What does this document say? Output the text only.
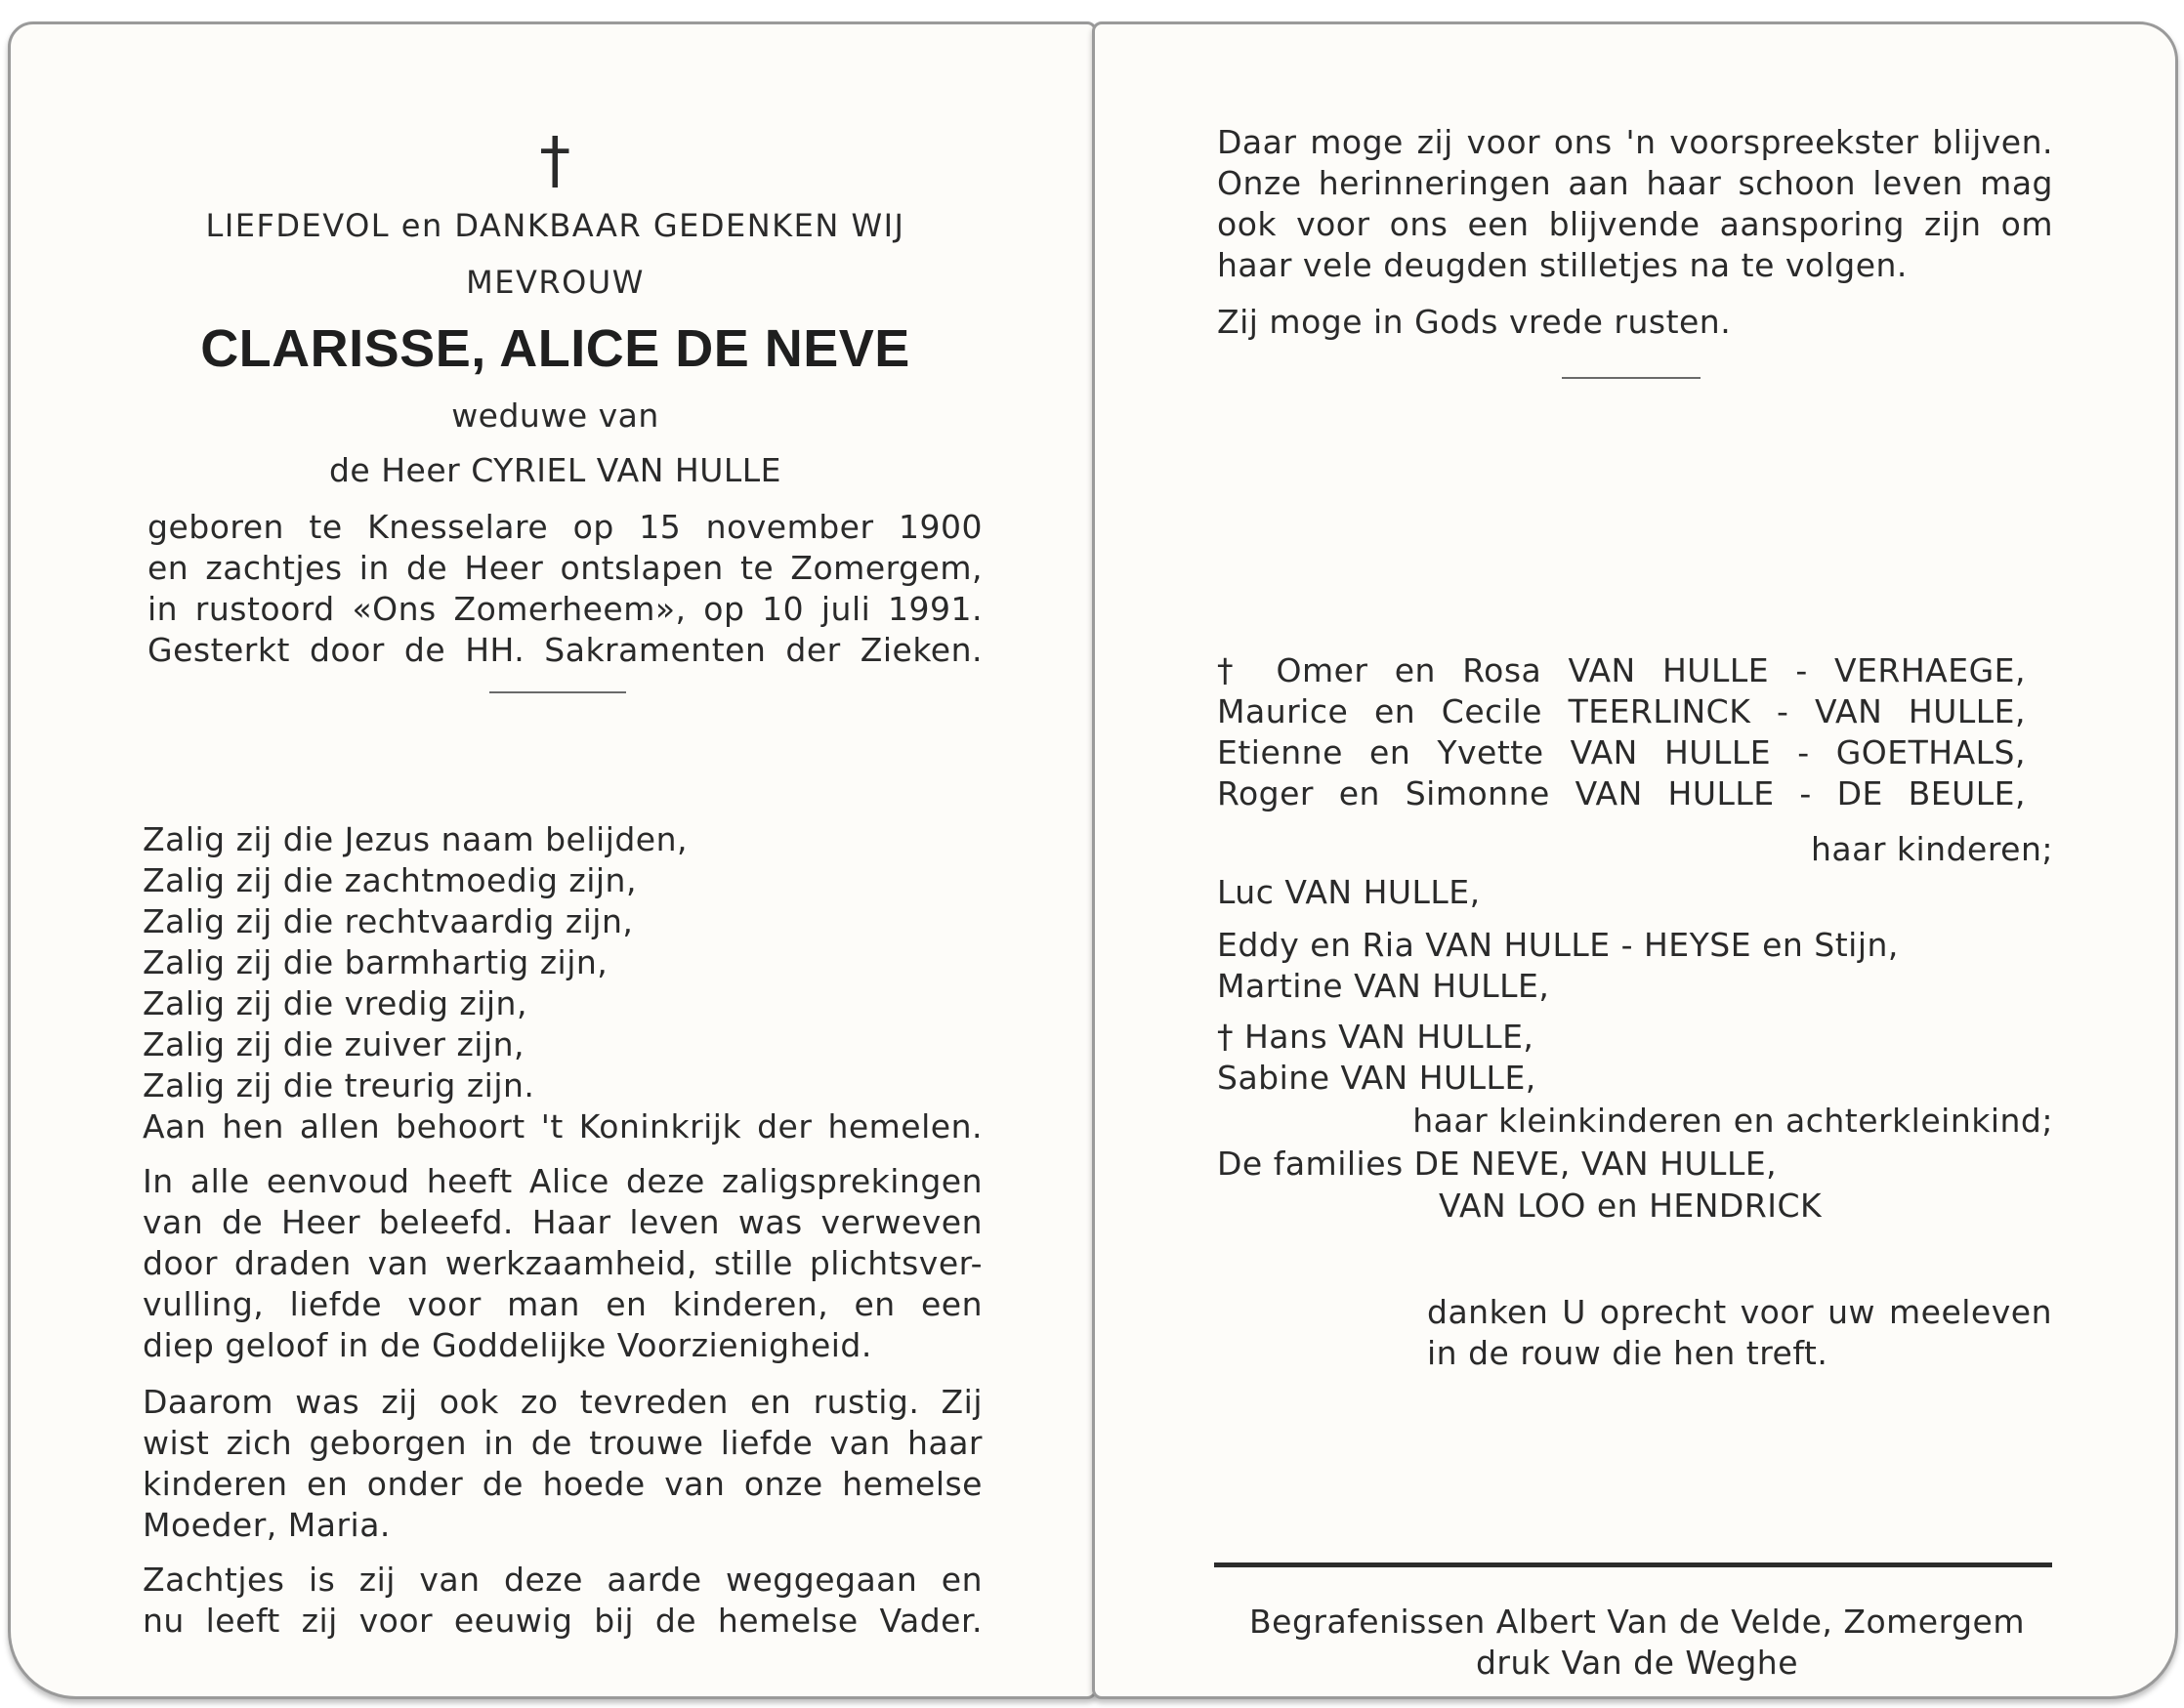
†
LIEFDEVOL en DANKBAAR GEDENKEN WIJ
MEVROUW
CLARISSE, ALICE DE NEVE
weduwe van
de Heer CYRIEL VAN HULLE
geboren te Knesselare op 15 november 1900
en zachtjes in de Heer ontslapen te Zomergem,
in rustoord «Ons Zomerheem», op 10 juli 1991.
Gesterkt door de HH. Sakramenten der Zieken.
Zalig zij die Jezus naam belijden,
Zalig zij die zachtmoedig zijn,
Zalig zij die rechtvaardig zijn,
Zalig zij die barmhartig zijn,
Zalig zij die vredig zijn,
Zalig zij die zuiver zijn,
Zalig zij die treurig zijn.
Aan hen allen behoort 't Koninkrijk der hemelen.
In alle eenvoud heeft Alice deze zaligsprekingen
van de Heer beleefd. Haar leven was verweven
door draden van werkzaamheid, stille plichtsver-
vulling, liefde voor man en kinderen, en een
diep geloof in de Goddelijke Voorzienigheid.
Daarom was zij ook zo tevreden en rustig. Zij
wist zich geborgen in de trouwe liefde van haar
kinderen en onder de hoede van onze hemelse
Moeder, Maria.
Zachtjes is zij van deze aarde weggegaan en
nu leeft zij voor eeuwig bij de hemelse Vader.
Daar moge zij voor ons 'n voorspreekster blijven.
Onze herinneringen aan haar schoon leven mag
ook voor ons een blijvende aansporing zijn om
haar vele deugden stilletjes na te volgen.
Zij moge in Gods vrede rusten.
† Omer en Rosa VAN HULLE - VERHAEGE,
Maurice en Cecile TEERLINCK - VAN HULLE,
Etienne en Yvette VAN HULLE - GOETHALS,
Roger en Simonne VAN HULLE - DE BEULE,
haar kinderen;
Luc VAN HULLE,
Eddy en Ria VAN HULLE - HEYSE en Stijn,
Martine VAN HULLE,
† Hans VAN HULLE,
Sabine VAN HULLE,
haar kleinkinderen en achterkleinkind;
De families DE NEVE, VAN HULLE,
VAN LOO en HENDRICK
danken U oprecht voor uw meeleven
in de rouw die hen treft.
Begrafenissen Albert Van de Velde, Zomergem
druk Van de Weghe
